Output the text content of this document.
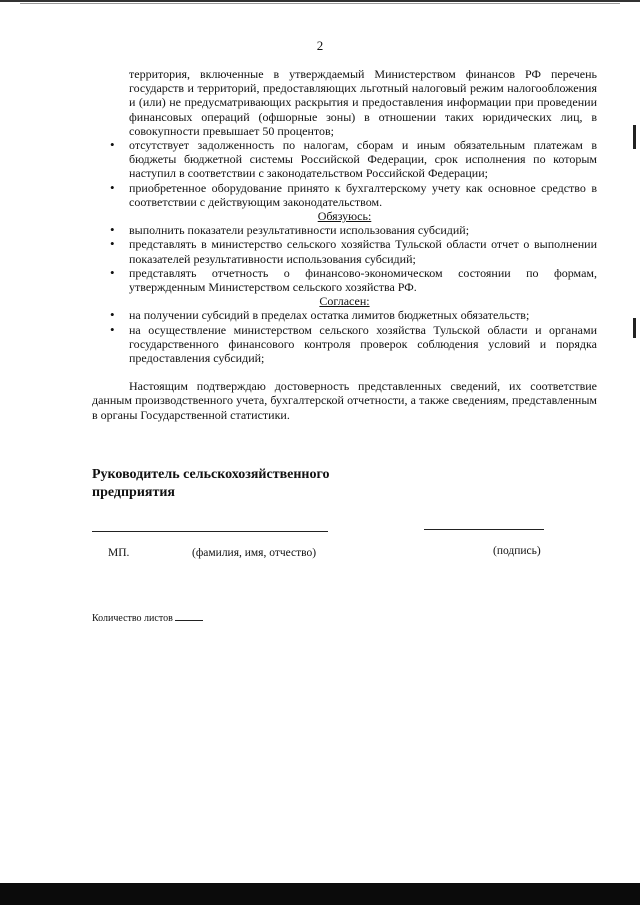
2
территория, включенные в утверждаемый Министерством финансов РФ перечень государств и территорий, предоставляющих льготный налоговый режим налогообложения и (или) не предусматривающих раскрытия и предоставления информации при проведении финансовых операций (офшорные зоны) в отношении таких юридических лиц, в совокупности превышает 50 процентов;
• отсутствует задолженность по налогам, сборам и иным обязательным платежам в бюджеты бюджетной системы Российской Федерации, срок исполнения по которым наступил в соответствии с законодательством Российской Федерации;
• приобретенное оборудование принято к бухгалтерскому учету как основное средство в соответствии с действующим законодательством.
Обязуюсь:
• выполнить показатели результативности использования субсидий;
• представлять в министерство сельского хозяйства Тульской области отчет о выполнении показателей результативности использования субсидий;
• представлять отчетность о финансово-экономическом состоянии по формам, утвержденным Министерством сельского хозяйства РФ.
Согласен:
• на получении субсидий в пределах остатка лимитов бюджетных обязательств;
• на осуществление министерством сельского хозяйства Тульской области и органами государственного финансового контроля проверок соблюдения условий и порядка предоставления субсидий;
Настоящим подтверждаю достоверность представленных сведений, их соответствие данным производственного учета, бухгалтерской отчетности, а также сведениям, представленным в органы Государственной статистики.
Руководитель сельскохозяйственного
предприятия
МП.	(фамилия, имя, отчество)	(подпись)
Количество листов
